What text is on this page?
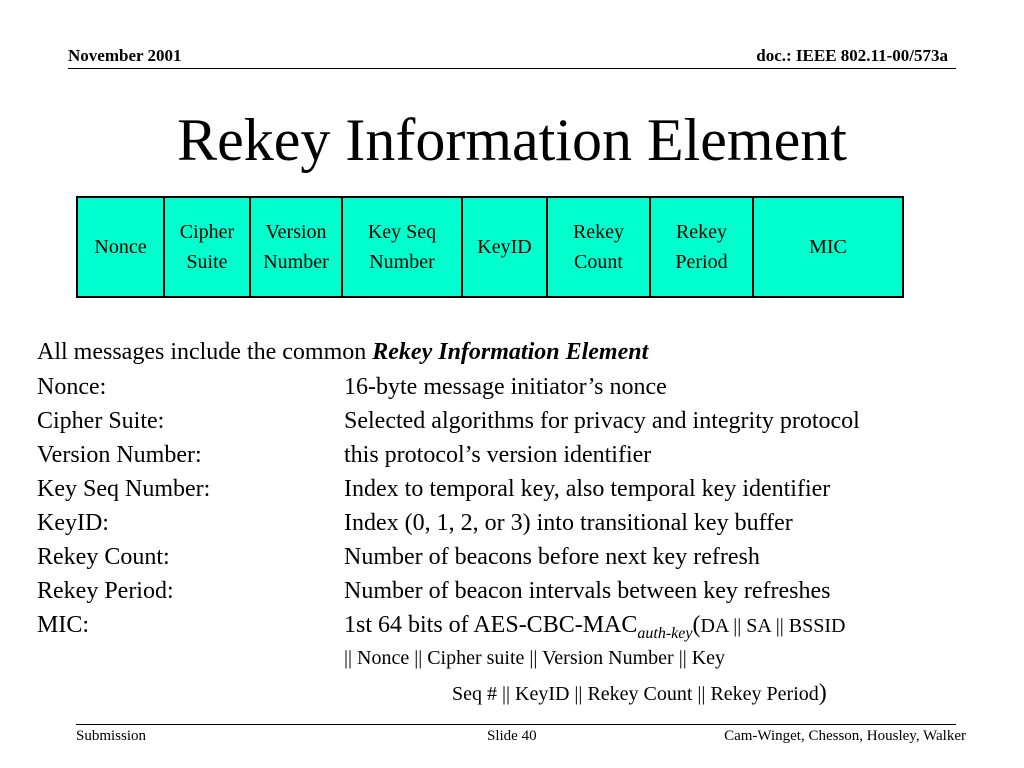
November 2001	doc.: IEEE 802.11-00/573a
Rekey Information Element
Nonce
Cipher
Suite
Version
Number
Key Seq
Number
KeyID
Rekey
Count
Rekey
Period
MIC
All messages include the common Rekey Information Element
Nonce:	16-byte message initiator’s nonce
Cipher Suite:	Selected algorithms for privacy and integrity protocol
Version Number:	this protocol’s version identifier
Key Seq Number:	Index to temporal key, also temporal key identifier
KeyID:	Index (0, 1, 2, or 3) into transitional key buffer
Rekey Count:	Number of beacons before next key refresh
Rekey Period:	Number of beacon intervals between key refreshes
MIC:	1st 64 bits of AES-$CBC-MAC_{auth-key}(DA$ || SA || BSSID
|| Nonce || Cipher suite || Version Number || Key
Seq # || KeyID || Rekey Count || Rekey Period)
Submission	Slide 40	Cam-Winget, Chesson, Housley, Walker
